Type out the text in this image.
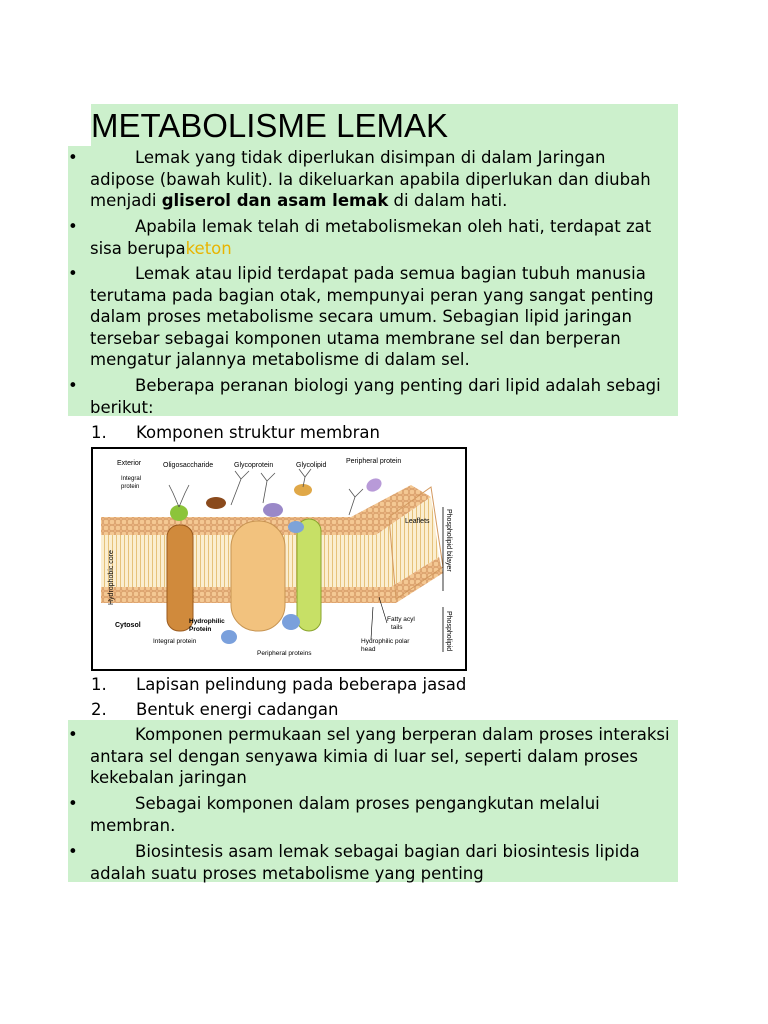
METABOLISME LEMAK
•	Lemak yang tidak diperlukan disimpan di dalam Jaringan adipose (bawah kulit). Ia dikeluarkan apabila diperlukan dan diubah menjadi gliserol dan asam lemak di dalam hati.
•	Apabila lemak telah di metabolismekan oleh hati, terdapat zat sisa berupaketon
•	Lemak atau lipid terdapat pada semua bagian tubuh manusia terutama pada bagian otak, mempunyai peran yang sangat penting dalam proses metabolisme secara umum. Sebagian lipid jaringan tersebar sebagai komponen utama membrane sel dan berperan mengatur jalannya metabolisme di dalam sel.
•	Beberapa peranan biologi yang penting dari lipid adalah sebagi berikut:
1. Komponen struktur membran
Exterior	Oligosaccharide	Glycoprotein	Glycolipid
Peripheral protein
Integral
protein
Leaflets
Hydrophobic core
Phospholipid bilayer
Phospholipid
Cytosol
Hydrophilic
Protein
Integral protein
Peripheral proteins
Fatty acyl
tails
Hydrophilic polar
head
1. Lapisan pelindung pada beberapa jasad
2. Bentuk energi cadangan
•	Komponen permukaan sel yang berperan dalam proses interaksi antara sel dengan senyawa kimia di luar sel, seperti dalam proses kekebalan jaringan
•	Sebagai komponen dalam proses pengangkutan melalui membran.
•	Biosintesis asam lemak sebagai bagian dari biosintesis lipida adalah suatu proses metabolisme yang penting
